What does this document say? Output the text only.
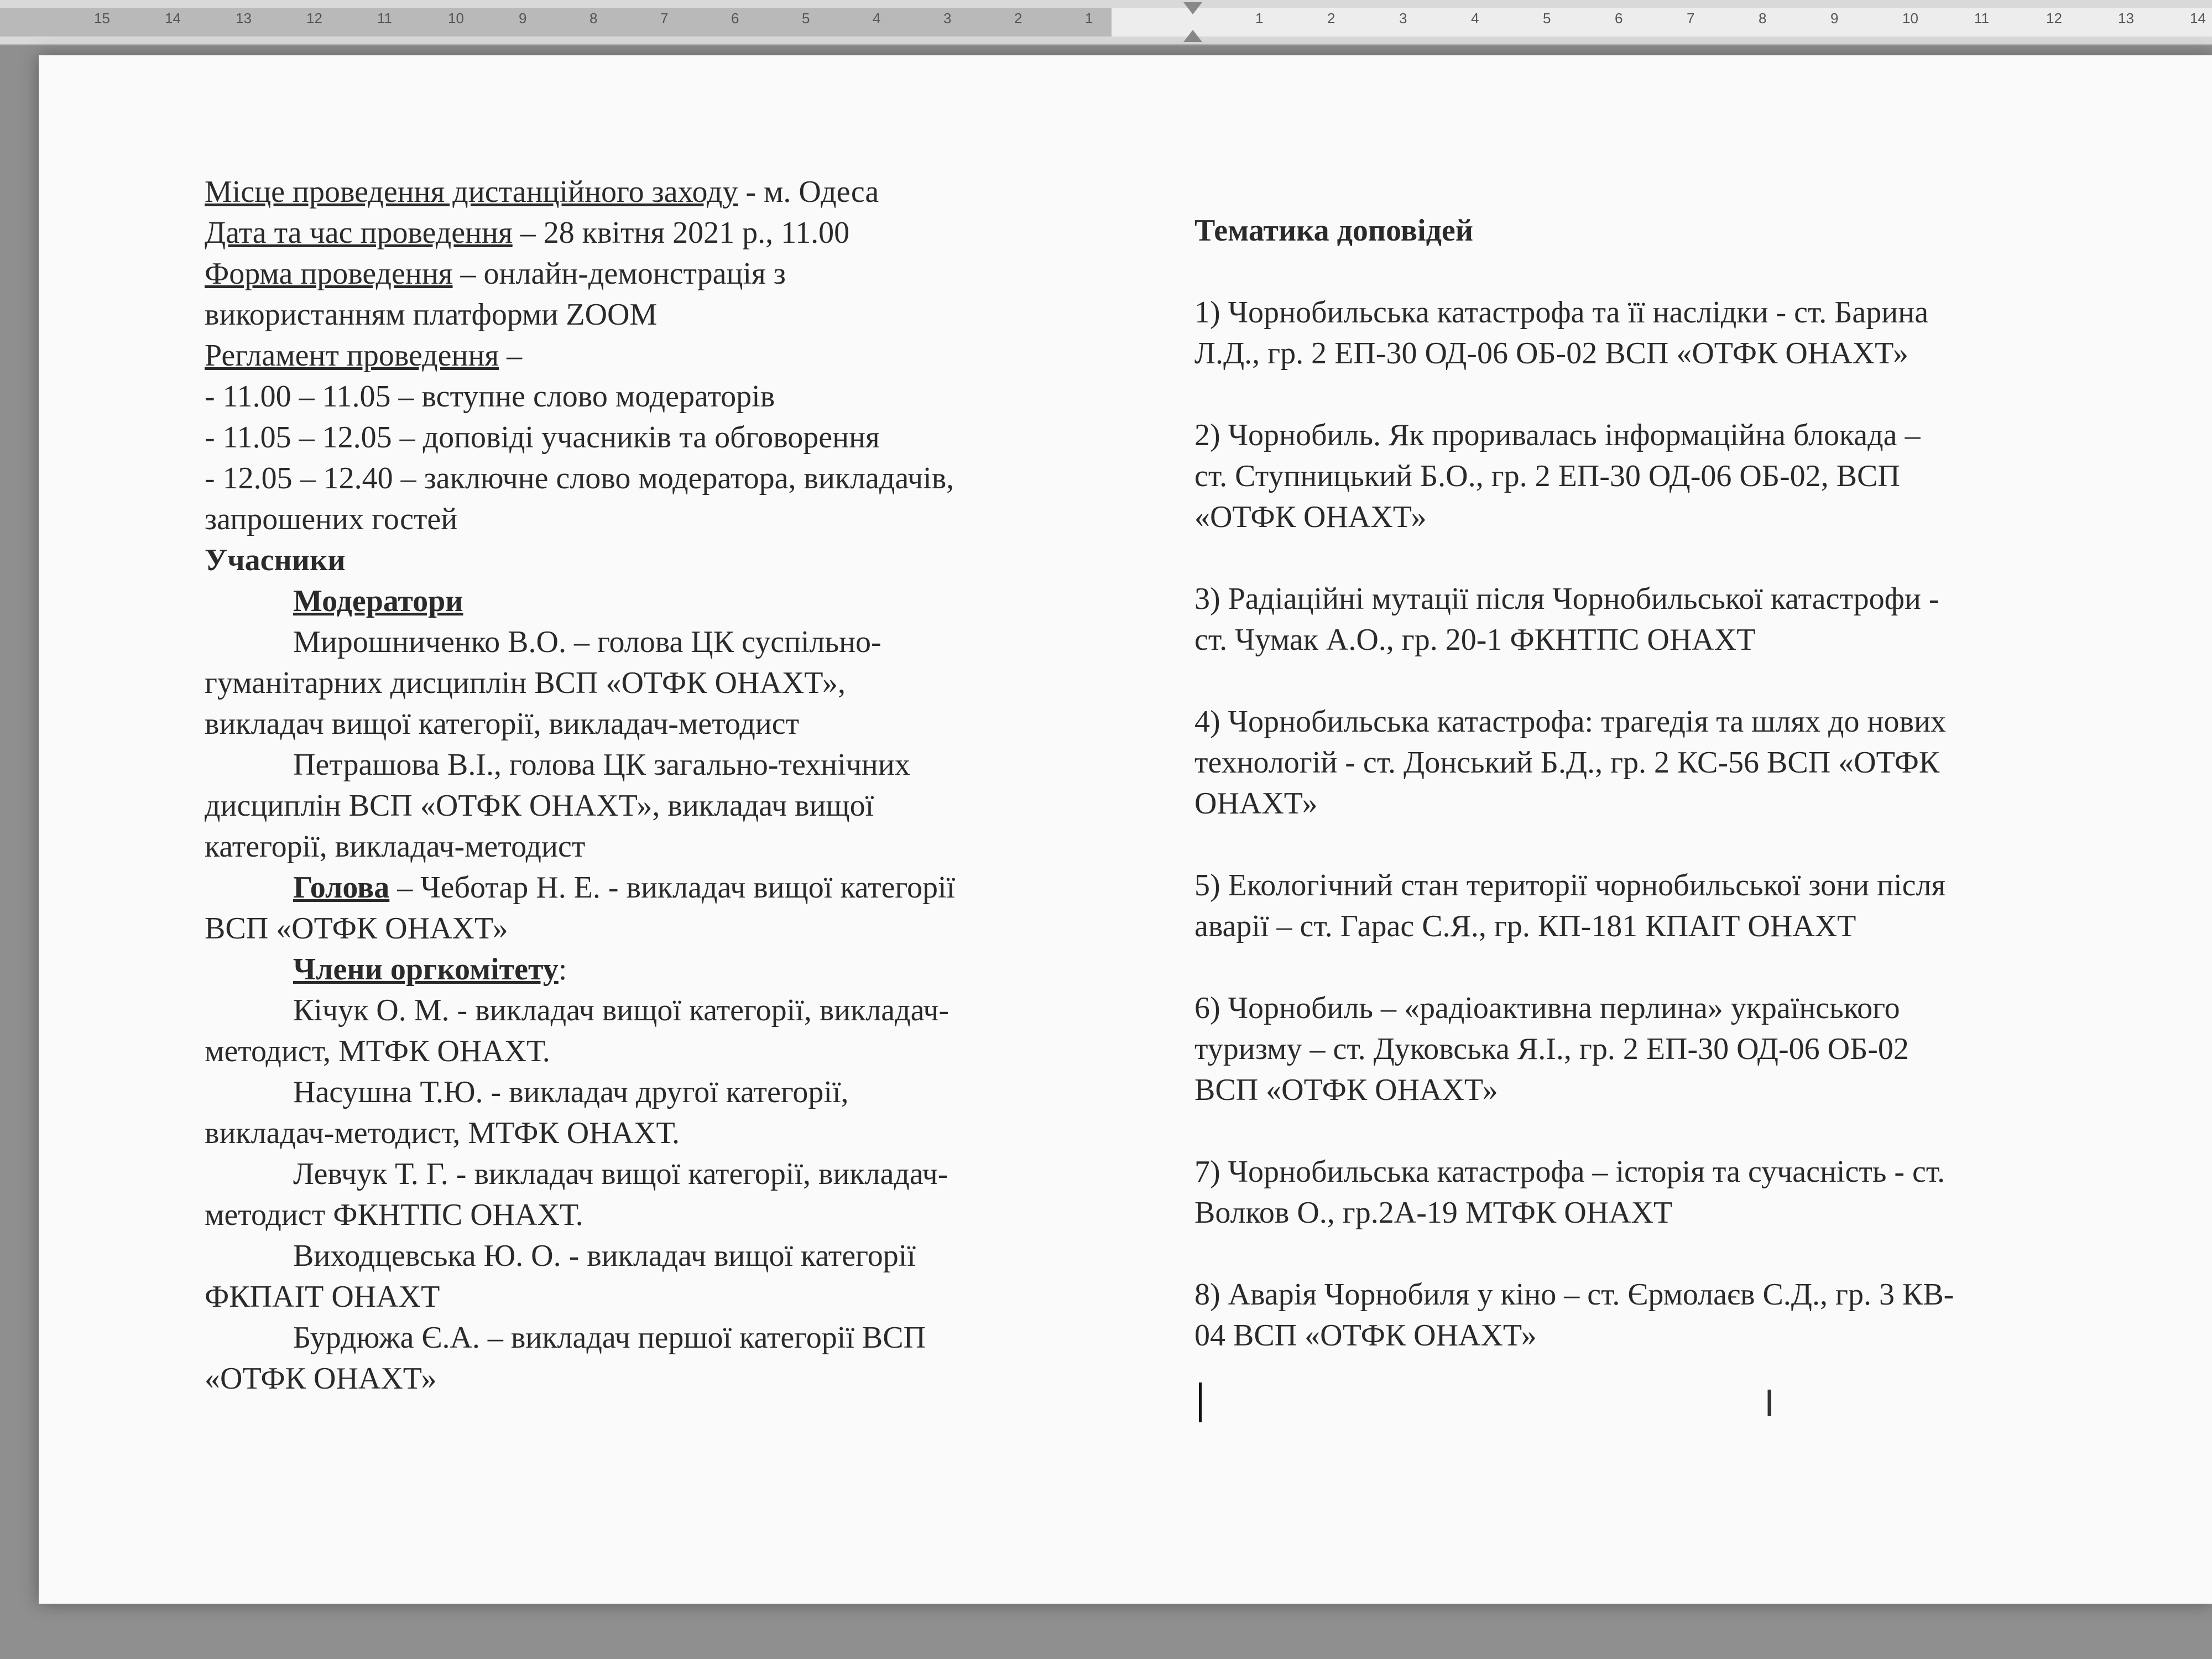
15	14	13	12	11	10	9	8	7	6	5	4	3	2	1	1	2	3	4	5	6	7	8	9	10	11	12	13	14
Місце проведення дистанційного заходу - м. Одеса
Дата та час проведення – 28 квітня 2021 р., 11.00
Форма проведення – онлайн-демонстрація з
використанням платформи ZOOM
Регламент проведення –
- 11.00 – 11.05 – вступне слово модераторів
- 11.05 – 12.05 – доповіді учасників та обговорення
- 12.05 – 12.40 – заключне слово модератора, викладачів,
запрошених гостей
Учасники
Модератори
Мирошниченко В.О. – голова ЦК суспільно-
гуманітарних дисциплін ВСП «ОТФК ОНАХТ»,
викладач вищої категорії, викладач-методист
Петрашова В.І., голова ЦК загально-технічних
дисциплін ВСП «ОТФК ОНАХТ», викладач вищої
категорії, викладач-методист
Голова – Чеботар Н. Е. - викладач вищої категорії
ВСП «ОТФК ОНАХТ»
Члени оргкомітету:
Кічук О. М. - викладач вищої категорії, викладач-
методист, МТФК ОНАХТ.
Насушна Т.Ю. - викладач другої категорії,
викладач-методист, МТФК ОНАХТ.
Левчук Т. Г. - викладач вищої категорії, викладач-
методист ФКНТПС ОНАХТ.
Виходцевська Ю. О. - викладач вищої категорії
ФКПАІТ ОНАХТ
Бурдюжа Є.А. – викладач першої категорії ВСП
«ОТФК ОНАХТ»
Тематика доповідей
1) Чорнобильська катастрофа та її наслідки - ст. Барина
Л.Д., гр. 2 ЕП-30 ОД-06 ОБ-02 ВСП «ОТФК ОНАХТ»
2) Чорнобиль. Як проривалась інформаційна блокада –
ст. Ступницький Б.О., гр. 2 ЕП-30 ОД-06 ОБ-02, ВСП
«ОТФК ОНАХТ»
3) Радіаційні мутації після Чорнобильської катастрофи -
ст. Чумак А.О., гр. 20-1 ФКНТПС ОНАХТ
4) Чорнобильська катастрофа: трагедія та шлях до нових
технологій - ст. Донський Б.Д., гр. 2 КС-56 ВСП «ОТФК
ОНАХТ»
5) Екологічний стан території чорнобильської зони після
аварії – ст. Гарас С.Я., гр. КП-181 КПАІТ ОНАХТ
6) Чорнобиль – «радіоактивна перлина» українського
туризму – ст. Дуковська Я.І., гр. 2 ЕП-30 ОД-06 ОБ-02
ВСП «ОТФК ОНАХТ»
7) Чорнобильська катастрофа – історія та сучасність - ст.
Волков О., гр.2А-19 МТФК ОНАХТ
8) Аварія Чорнобиля у кіно – ст. Єрмолаєв С.Д., гр. 3 КВ-
04 ВСП «ОТФК ОНАХТ»
I
